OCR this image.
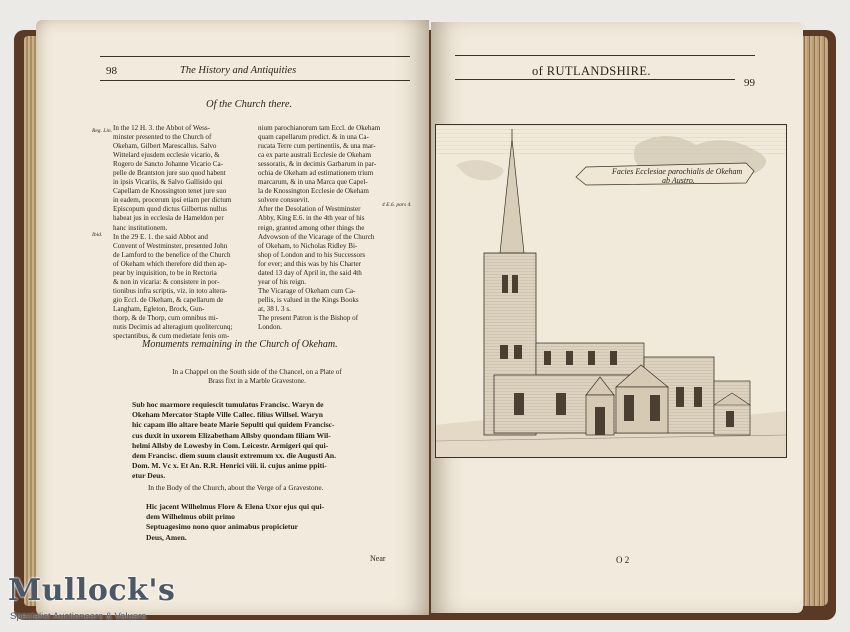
98	The History and Antiquities
Of the Church there.
Reg. Lin.
Ibid.
In the 12 H. 3. the Abbot of Wess-
minster presented to the Church of
Okeham, Gilbert Marescallus. Salvo
Wittelard ejusdem ecclesie vicario, &
Rogero de Sancto Johanne Vicario Ca-
pelle de Brantston jure suo quod habent
in ipsis Vicariis, & Salvo Gallisido qui
Capellam de Knossington tenet jure suo
in eadem, procerum ipsi etiam per dictum
Episcopum quod dictus Gilbertus nullus
habeat jus in ecclesia de Hameldon per
hanc institutionem.
In the 29 E. 1. the said Abbot and
Convent of Westminster, presented John
de Lamford to the benefice of the Church
of Okeham which therefore did then ap-
pear by inquisition, to be in Rectoria
& non in vicaria: & consistere in por-
tionibus infra scriptis, viz. in toto altera-
gio Eccl. de Okeham, & capellarum de
Langham, Egleton, Brock, Gun-
thorp, & de Thorp, cum omnibus mi-
nutis Decimis ad alteragium quolitercunq;
spectantibus, & cum medietate fenis om-
nium parochianorum tam Eccl. de Okeham
quam capellarum predict. & in una Ca-
rucata Terre cum pertinentiis, & una mar-
ca ex parte australi Ecclesie de Okeham
sessoratis, & in decimis Garbarum in par-
ochia de Okeham ad estimationem trium
marcarum, & in una Marca que Capel-
la de Knossington Ecclesie de Okeham
solvere consuevit.
After the Desolation of Westminster
Abby, King E.6. in the 4th year of his
reign, granted among other things the
Advowson of the Vicarage of the Church
of Okeham, to Nicholas Ridley Bi-
shop of London and to his Successors
for ever; and this was by his Charter
dated 13 day of April in, the said 4th
year of his reign.
The Vicarage of Okeham cum Ca-
pellis, is valued in the Kings Books
at, 38 l. 3 s.
The present Patron is the Bishop of
London.
4 E.6. pars 4.
Monuments remaining in the Church of Okeham.
In a Chappel on the South side of the Chancel, on a Plate of
Brass fixt in a Marble Gravestone.
Sub hoc marmore requiescit tumulatus Francisc. Waryn de
Okeham Mercator Staple Ville Callec. filius Willsel. Waryn
hic capam illo altare beate Marie Sepulti qui quidem Francisc-
cus duxit in uxorem Elizabetham Allsby quondam filiam Wil-
helmi Allsby de Lowesby in Com. Leicestr. Armigeri qui qui-
dem Francisc. diem suum clausit extremum xx. die Augusti An.
Dom. M. Vc x. Et An. R.R. Henrici viii. ii. cujus anime ppiti-
etur Deus.
In the Body of the Church, about the Verge of a Gravestone.
Hic jacent Wilhelmus Flore & Elena Uxor ejus qui qui-
dem Wilhelmus obiit primo
Septuagesimo nono quor animabus propicietur
Deus, Amen.
Near
of RUTLANDSHIRE.
99
Facies Ecclesiae parochialis de Okeham
ab Austro.
O 2
Mullock's
Specialist Auctioneers & Valuers
